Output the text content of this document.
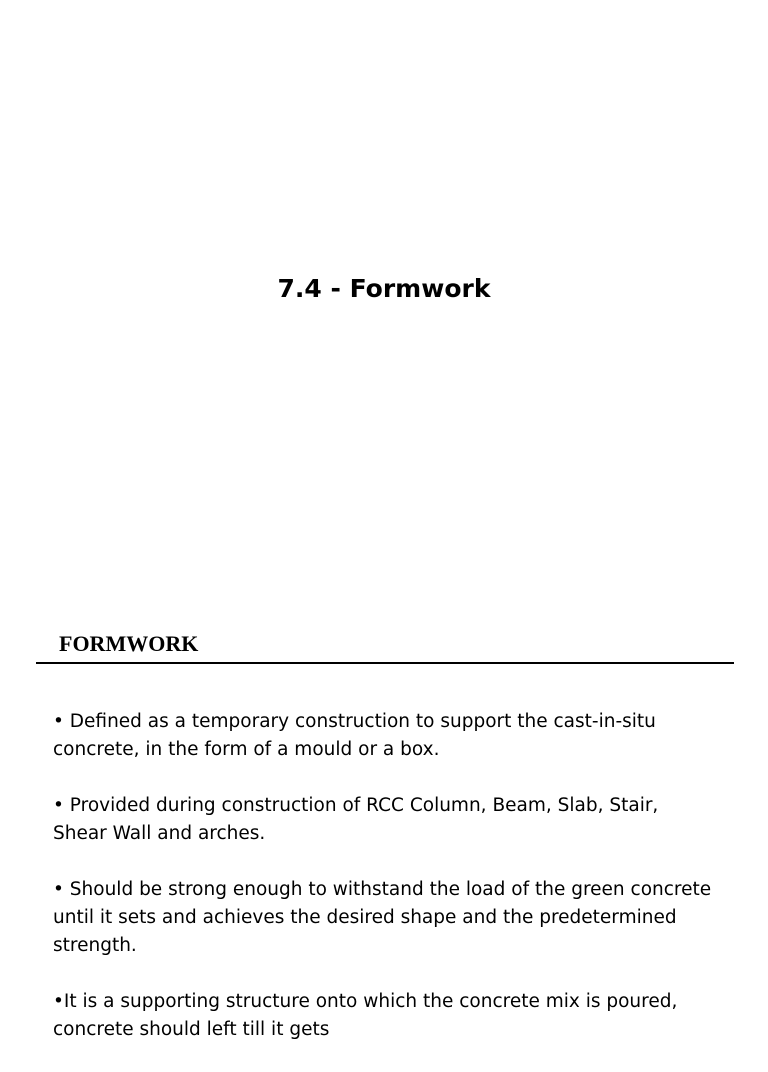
7.4 - Formwork
FORMWORK
• Defined as a temporary construction to support the cast-in-situ concrete, in the form of a mould or a box.
• Provided during construction of RCC Column, Beam, Slab, Stair, Shear Wall and arches.
• Should be strong enough to withstand the load of the green concrete until it sets and achieves the desired shape and the predetermined strength.
•It is a supporting structure onto which the concrete mix is poured, concrete should left till it gets
